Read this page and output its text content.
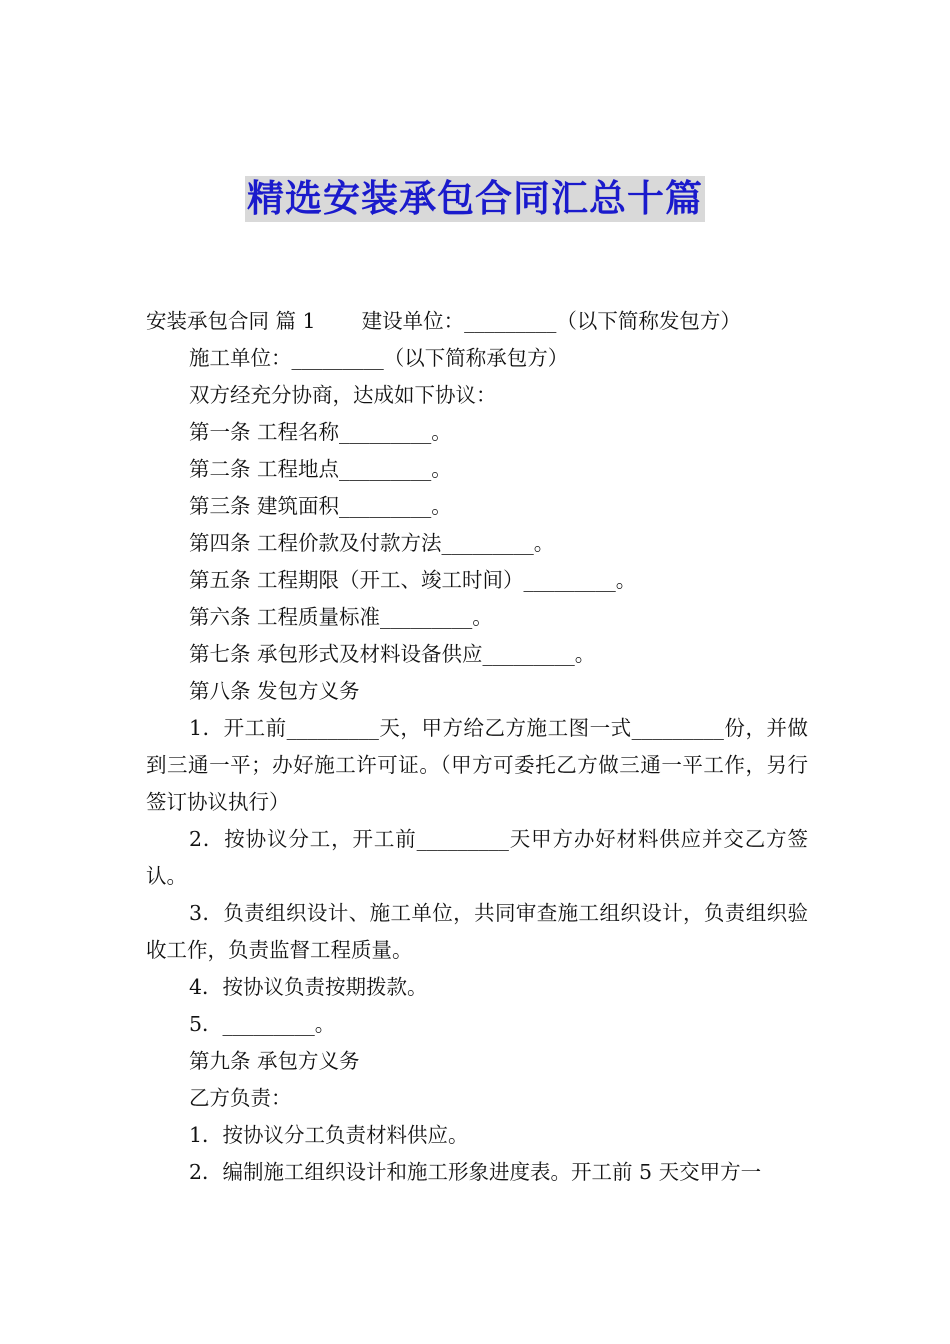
精选安装承包合同汇总十篇

安装承包合同 篇 1 建设单位：_________（以下简称发包方）

施工单位：_________（以下简称承包方）

双方经充分协商，达成如下协议：

第一条 工程名称_________。

第二条 工程地点_________。

第三条 建筑面积_________。

第四条 工程价款及付款方法_________。

第五条 工程期限（开工、竣工时间）_________。

第六条 工程质量标准_________。

第七条 承包形式及材料设备供应_________。

第八条 发包方义务

1．开工前_________天，甲方给乙方施工图一式_________份，并做到三通一平；办好施工许可证。（甲方可委托乙方做三通一平工作，另行签订协议执行）

2．按协议分工，开工前_________天甲方办好材料供应并交乙方签认。

3．负责组织设计、施工单位，共同审查施工组织设计，负责组织验收工作，负责监督工程质量。

4．按协议负责按期拨款。

5．_________。

第九条 承包方义务

乙方负责：

1．按协议分工负责材料供应。

2．编制施工组织设计和施工形象进度表。开工前 5 天交甲方一
